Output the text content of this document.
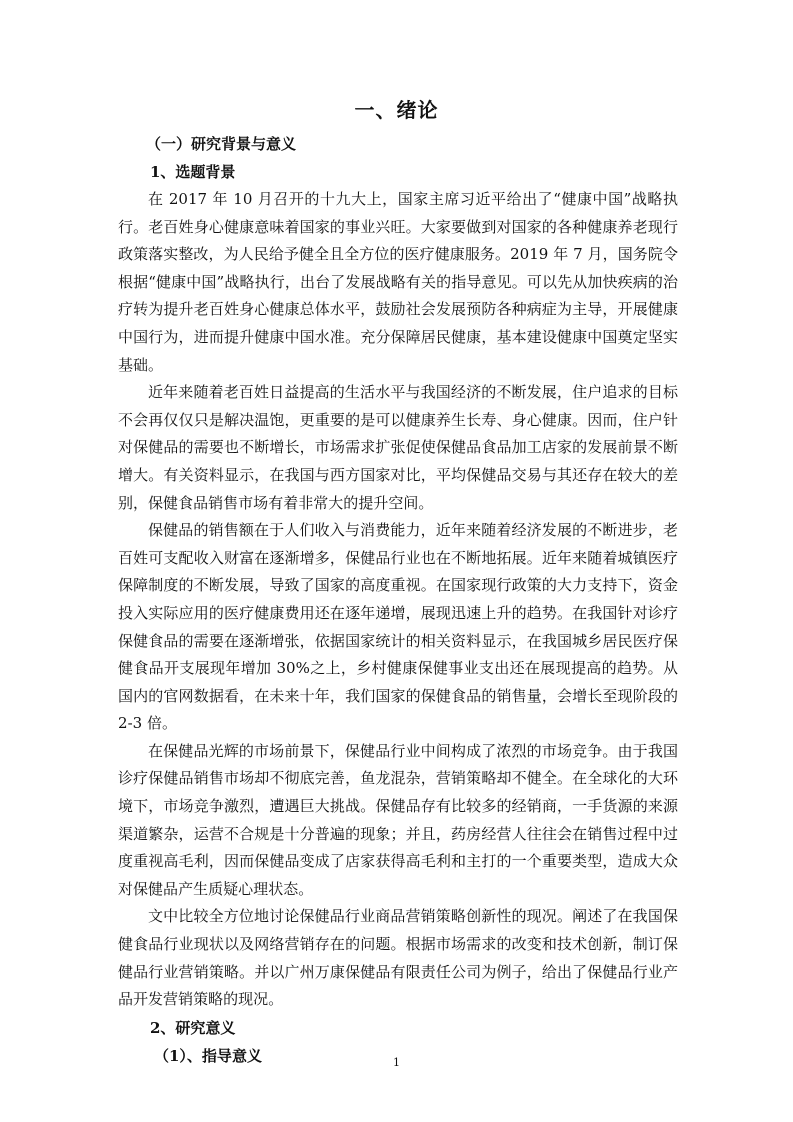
一、绪论
（一）研究背景与意义
1、选题背景

在 2017 年 10 月召开的十九大上，国家主席习近平给出了“健康中国”战略执行。老百姓身心健康意味着国家的事业兴旺。大家要做到对国家的各种健康养老现行政策落实整改，为人民给予健全且全方位的医疗健康服务。2019 年 7 月，国务院令根据“健康中国”战略执行，出台了发展战略有关的指导意见。可以先从加快疾病的治疗转为提升老百姓身心健康总体水平，鼓励社会发展预防各种病症为主导，开展健康中国行为，进而提升健康中国水准。充分保障居民健康，基本建设健康中国奠定坚实基础。

近年来随着老百姓日益提高的生活水平与我国经济的不断发展，住户追求的目标不会再仅仅只是解决温饱，更重要的是可以健康养生长寿、身心健康。因而，住户针对保健品的需要也不断增长，市场需求扩张促使保健品食品加工店家的发展前景不断增大。有关资料显示，在我国与西方国家对比，平均保健品交易与其还存在较大的差别，保健食品销售市场有着非常大的提升空间。

保健品的销售额在于人们收入与消费能力，近年来随着经济发展的不断进步，老百姓可支配收入财富在逐渐增多，保健品行业也在不断地拓展。近年来随着城镇医疗保障制度的不断发展，导致了国家的高度重视。在国家现行政策的大力支持下，资金投入实际应用的医疗健康费用还在逐年递增，展现迅速上升的趋势。在我国针对诊疗保健食品的需要在逐渐增张，依据国家统计的相关资料显示，在我国城乡居民医疗保健食品开支展现年增加 30%之上，乡村健康保健事业支出还在展现提高的趋势。从国内的官网数据看，在未来十年，我们国家的保健食品的销售量，会增长至现阶段的 2-3 倍。

在保健品光辉的市场前景下，保健品行业中间构成了浓烈的市场竞争。由于我国诊疗保健品销售市场却不彻底完善，鱼龙混杂，营销策略却不健全。在全球化的大环境下，市场竞争激烈，遭遇巨大挑战。保健品存有比较多的经销商，一手货源的来源渠道繁杂，运营不合规是十分普遍的现象；并且，药房经营人往往会在销售过程中过度重视高毛利，因而保健品变成了店家获得高毛利和主打的一个重要类型，造成大众对保健品产生质疑心理状态。

文中比较全方位地讨论保健品行业商品营销策略创新性的现况。阐述了在我国保健食品行业现状以及网络营销存在的问题。根据市场需求的改变和技术创新，制订保健品行业营销策略。并以广州万康保健品有限责任公司为例子，给出了保健品行业产品开发营销策略的现况。

2、研究意义
（1）、指导意义	1
